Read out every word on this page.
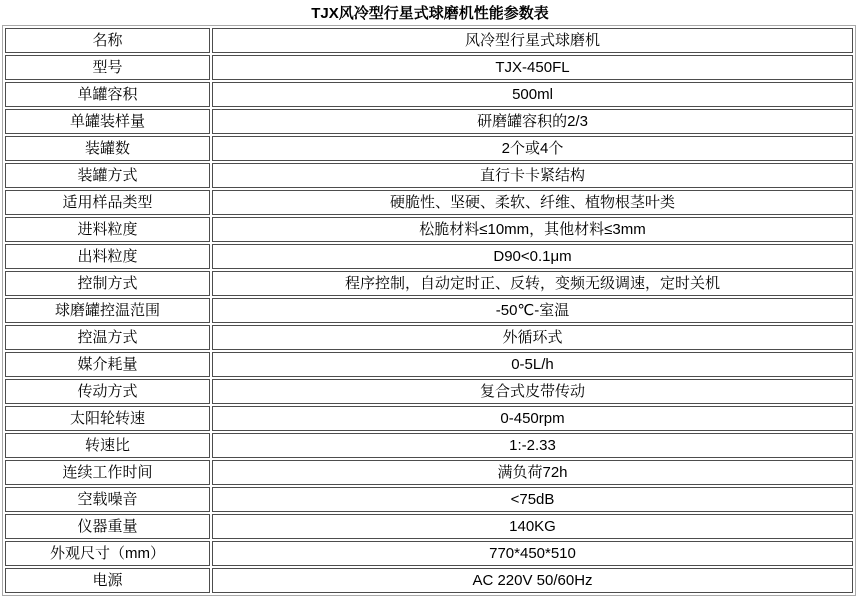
TJX风冷型行星式球磨机性能参数表
名称	风冷型行星式球磨机
型号	TJX-450FL
单罐容积	500ml
单罐装样量	研磨罐容积的2/3
装罐数	2个或4个
装罐方式	直行卡卡紧结构
适用样品类型	硬脆性、坚硬、柔软、纤维、植物根茎叶类
进料粒度	松脆材料≤10mm，其他材料≤3mm
出料粒度	D90<0.1μm
控制方式	程序控制，自动定时正、反转，变频无级调速，定时关机
球磨罐控温范围	-50℃-室温
控温方式	外循环式
媒介耗量	0-5L/h
传动方式	复合式皮带传动
太阳轮转速	0-450rpm
转速比	1:-2.33
连续工作时间	满负荷72h
空载噪音	<75dB
仪器重量	140KG
外观尺寸（mm）	770*450*510
电源	AC 220V 50/60Hz
